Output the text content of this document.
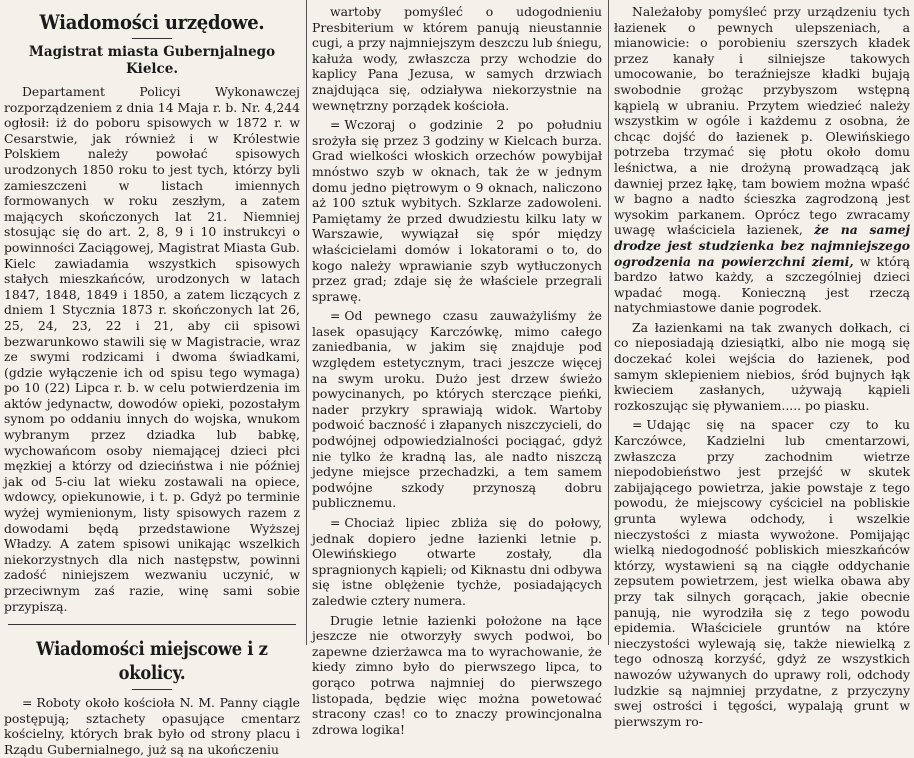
Wiadomości urzędowe.
Magistrat miasta Gubernjalnego Kielce.

Departament Policyi Wykonawczej rozporządzeniem z dnia 14 Maja r. b. Nr. 4,244 ogłosił: iż do poboru spisowych w 1872 r. w Cesarstwie, jak również i w Królestwie Polskiem należy powołać spisowych urodzonych 1850 roku to jest tych, którzy byli zamieszczeni w listach imiennych formowanych w roku zeszłym, a zatem mających skończonych lat 21. Niemniej stosując się do art. 2, 8, 9 i 10 instrukcyi o powinności Zaciągowej, Magistrat Miasta Gub. Kielc zawiadamia wszystkich spisowych stałych mieszkańców, urodzonych w latach 1847, 1848, 1849 i 1850, a zatem liczących z dniem 1 Stycznia 1873 r. skończonych lat 26, 25, 24, 23, 22 i 21, aby cii spisowi bezwarunkowo stawili się w Magistracie, wraz ze swymi rodzicami i dwoma świadkami, (gdzie wyłączenie ich od spisu tego wymaga) po 10 (22) Lipca r. b. w celu potwierdzenia im aktów jedynactw, dowodów opieki, pozostałym synom po oddaniu innych do wojska, wnukom wybranym przez dziadka lub babkę, wychowańcom osoby niemającej dzieci płci męzkiej a którzy od dzieciństwa i nie później jak od 5-ciu lat wieku zostawali na opiece, wdowcy, opiekunowie, i t. p. Gdyż po terminie wyżej wymienionym, listy spisowych razem z dowodami będą przedstawione Wyższej Władzy. A zatem spisowi unikając wszelkich niekorzystnych dla nich następstw, powinni zadość niniejszem wezwaniu uczynić, w przeciwnym zaś razie, winę sami sobie przypiszą.

Wiadomości miejscowe i z okolicy.

= Roboty około kościoła N. M. Panny ciągle postępują; sztachety opasujące cmentarz kościelny, których brak było od strony placu i Rządu Gubernialnego, już są na ukończeniu

wartoby pomyśleć o udogodnieniu Presbiterium w którem panują nieustannie cugi, a przy najmniejszym deszczu lub śniegu, kałuża wody, zwłaszcza przy wchodzie do kaplicy Pana Jezusa, w samych drzwiach znajdująca się, odziaływa niekorzystnie na wewnętrzny porządek kościoła.

= Wczoraj o godzinie 2 po południu srożyła się przez 3 godziny w Kielcach burza. Grad wielkości włoskich orzechów powybijał mnóstwo szyb w oknach, tak że w jednym domu jedno piętrowym o 9 oknach, naliczono aż 100 sztuk wybitych. Szklarze zadowoleni. Pamiętamy że przed dwudziestu kilku laty w Warszawie, wywiązał się spór między właścicielami domów i lokatorami o to, do kogo należy wprawianie szyb wytłuczonych przez grad; zdaje się że właściele przegrali sprawę.

= Od pewnego czasu zauważyliśmy że lasek opasujący Karczówkę, mimo całego zaniedbania, w jakim się znajduje pod względem estetycznym, traci jeszcze więcej na swym uroku. Dużo jest drzew świeżo powycinanych, po których sterczące pieńki, nader przykry sprawiają widok. Wartoby podwoić baczność i złapanych niszczycieli, do podwójnej odpowiedzialności pociągać, gdyż nie tylko że kradną las, ale nadto niszczą jedyne miejsce przechadzki, a tem samem podwójne szkody przynoszą dobru publicznemu.

= Chociaż lipiec zbliża się do połowy, jednak dopiero jedne łazienki letnie p. Olewińskiego otwarte zostały, dla spragnionych kąpieli; od Kiknastu dni odbywa się istne oblężenie tychże, posiadających zaledwie cztery numera.

Drugie letnie łazienki położone na łące jeszcze nie otworzyły swych podwoi, bo zapewne dzierżawca ma to wyrachowanie, że kiedy zimno było do pierwszego lipca, to gorąco potrwa najmniej do pierwszego listopada, będzie więc można powetować stracony czas! co to znaczy prowincjonalna zdrowa logika!

Należałoby pomyśleć przy urządzeniu tych łazienek o pewnych ulepszeniach, a mianowicie: o porobieniu szerszych kładek przez kanały i silniejsze takowych umocowanie, bo teraźniejsze kładki bujają swobodnie grożąc przybyszom wstępną kąpielą w ubraniu. Przytem wiedzieć należy wszystkim w ogóle i każdemu z osobna, że chcąc dojść do łazienek p. Olewińskiego potrzeba trzymać się płotu około domu leśnictwa, a nie drożyną prowadzącą jak dawniej przez łąkę, tam bowiem można wpaść w bagno a nadto ścieszka zagrodzoną jest wysokim parkanem. Oprócz tego zwracamy uwagę właściciela łazienek, że na samej drodze jest studzienka bez najmniejszego ogrodzenia na powierzchni ziemi, w którą bardzo łatwo każdy, a szczególniej dzieci wpadać mogą. Konieczną jest rzeczą natychmiastowe danie pogrodek.

Za łazienkami na tak zwanych dołkach, ci co nieposiadają dziesiątki, albo nie mogą się doczekać kolei wejścia do łazienek, pod samym sklepieniem niebios, śród bujnych łąk kwieciem zasłanych, używają kąpieli rozkoszując się pływaniem..... po piasku.

= Udając się na spacer czy to ku Karczówce, Kadzielni lub cmentarzowi, zwłaszcza przy zachodnim wietrze niepodobieństwo jest przejść w skutek zabijającego powietrza, jakie powstaje z tego powodu, że miejscowy cyściciel na pobliskie grunta wylewa odchody, i wszelkie nieczystości z miasta wywożone. Pomijając wielką niedogodność pobliskich mieszkańców którzy, wystawieni są na ciągłe oddychanie zepsutem powietrzem, jest wielka obawa aby przy tak silnych gorącach, jakie obecnie panują, nie wyrodziła się z tego powodu epidemia. Właściciele gruntów na które nieczystości wylewają się, także niewielką z tego odnoszą korzyść, gdyż ze wszystkich nawozów używanych do uprawy roli, odchody ludzkie są najmniej przydatne, z przyczyny swej ostrości i tęgości, wypalają grunt w pierwszym ro-
